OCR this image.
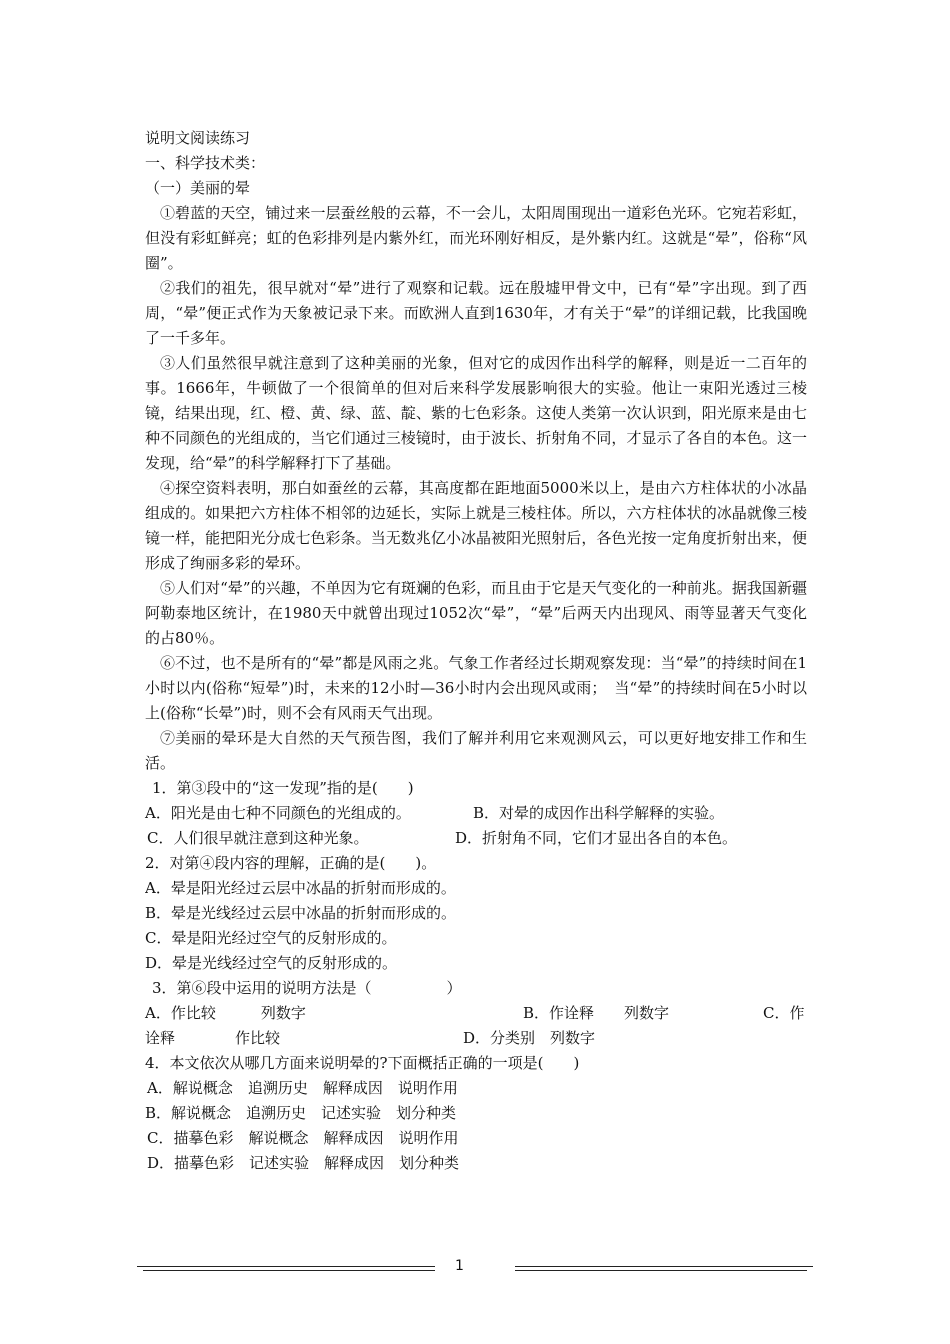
说明文阅读练习
一、科学技术类：
（一）美丽的晕
①碧蓝的天空，铺过来一层蚕丝般的云幕，不一会儿，太阳周围现出一道彩色光环。它宛若彩虹，但没有彩虹鲜亮；虹的色彩排列是内紫外红，而光环刚好相反，是外紫内红。这就是“晕”，俗称“风圈”。
②我们的祖先，很早就对“晕”进行了观察和记载。远在殷墟甲骨文中，已有“晕”字出现。到了西周，“晕”便正式作为天象被记录下来。而欧洲人直到1630年，才有关于“晕”的详细记载，比我国晚了一千多年。
③人们虽然很早就注意到了这种美丽的光象，但对它的成因作出科学的解释，则是近一二百年的事。1666年，牛顿做了一个很简单的但对后来科学发展影响很大的实验。他让一束阳光透过三棱镜，结果出现，红、橙、黄、绿、蓝、靛、紫的七色彩条。这使人类第一次认识到，阳光原来是由七种不同颜色的光组成的，当它们通过三棱镜时，由于波长、折射角不同，才显示了各自的本色。这一发现，给“晕”的科学解释打下了基础。
④探空资料表明，那白如蚕丝的云幕，其高度都在距地面5000米以上，是由六方柱体状的小冰晶组成的。如果把六方柱体不相邻的边延长，实际上就是三棱柱体。所以，六方柱体状的冰晶就像三棱镜一样，能把阳光分成七色彩条。当无数兆亿小冰晶被阳光照射后，各色光按一定角度折射出来，便形成了绚丽多彩的晕环。
⑤人们对“晕”的兴趣，不单因为它有斑斓的色彩，而且由于它是天气变化的一种前兆。据我国新疆阿勒泰地区统计，在1980天中就曾出现过1052次“晕”，“晕”后两天内出现风、雨等显著天气变化的占80％。
⑥不过，也不是所有的“晕”都是风雨之兆。气象工作者经过长期观察发现：当“晕”的持续时间在1小时以内(俗称“短晕”)时，未来的12小时—36小时内会出现风或雨；　当“晕”的持续时间在5小时以上(俗称“长晕”)时，则不会有风雨天气出现。
⑦美丽的晕环是大自然的天气预告图，我们了解并利用它来观测风云，可以更好地安排工作和生活。
1．第③段中的“这一发现”指的是(　　)
A．阳光是由七种不同颜色的光组成的。	B．对晕的成因作出科学解释的实验。
C．人们很早就注意到这种光象。	D．折射角不同，它们才显出各自的本色。
2．对第④段内容的理解，正确的是(　　)。
A．晕是阳光经过云层中冰晶的折射而形成的。
B．晕是光线经过云层中冰晶的折射而形成的。
C．晕是阳光经过空气的反射形成的。
D．晕是光线经过空气的反射形成的。
3．第⑥段中运用的说明方法是（　　　　　）
A．作比较　　　列数字	B．作诠释　　列数字	C．作
诠释　　　　作比较	D．分类别　列数字
4．本文依次从哪几方面来说明晕的?下面概括正确的一项是(　　)
A．解说概念　追溯历史　解释成因　说明作用
B．解说概念　追溯历史　记述实验　划分种类
C．描摹色彩　解说概念　解释成因　说明作用
D．描摹色彩　记述实验　解释成因　划分种类
1
